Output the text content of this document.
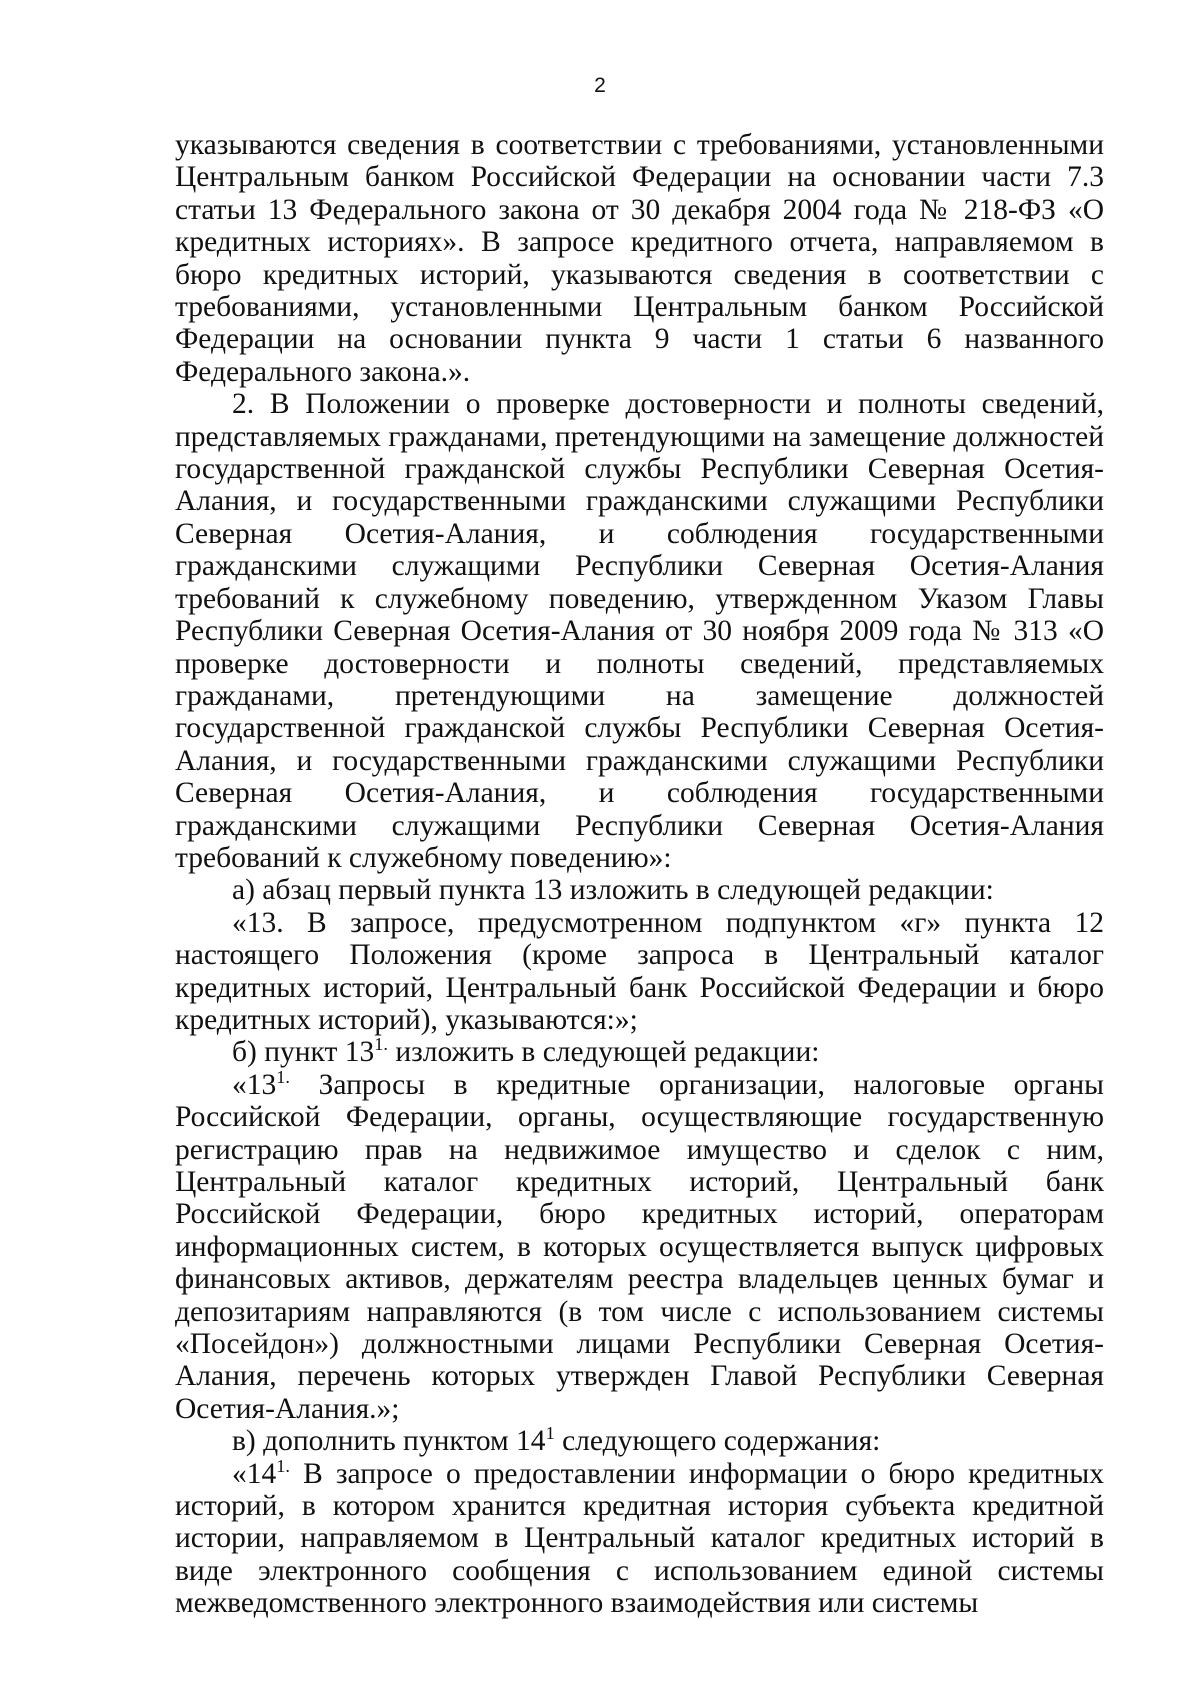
2

указываются сведения в соответствии с требованиями, установленными Центральным банком Российской Федерации на основании части 7.3 статьи 13 Федерального закона от 30 декабря 2004 года № 218-ФЗ «О кредитных историях». В запросе кредитного отчета, направляемом в бюро кредитных историй, указываются сведения в соответствии с требованиями, установленными Центральным банком Российской Федерации на основании пункта 9 части 1 статьи 6 названного Федерального закона.».

2. В Положении о проверке достоверности и полноты сведений, представляемых гражданами, претендующими на замещение должностей государственной гражданской службы Республики Северная Осетия-Алания, и государственными гражданскими служащими Республики Северная Осетия-Алания, и соблюдения государственными гражданскими служащими Республики Северная Осетия-Алания требований к служебному поведению, утвержденном Указом Главы Республики Северная Осетия-Алания от 30 ноября 2009 года № 313 «О проверке достоверности и полноты сведений, представляемых гражданами, претендующими на замещение должностей государственной гражданской службы Республики Северная Осетия-Алания, и государственными гражданскими служащими Республики Северная Осетия-Алания, и соблюдения государственными гражданскими служащими Республики Северная Осетия-Алания требований к служебному поведению»:

а) абзац первый пункта 13 изложить в следующей редакции:

«13. В запросе, предусмотренном подпунктом «г» пункта 12 настоящего Положения (кроме запроса в Центральный каталог кредитных историй, Центральный банк Российской Федерации и бюро кредитных историй), указываются:»;

б) пункт $13^{1.}$ изложить в следующей редакции:

«$13^{1.}$ Запросы в кредитные организации, налоговые органы Российской Федерации, органы, осуществляющие государственную регистрацию прав на недвижимое имущество и сделок с ним, Центральный каталог кредитных историй, Центральный банк Российской Федерации, бюро кредитных историй, операторам информационных систем, в которых осуществляется выпуск цифровых финансовых активов, держателям реестра владельцев ценных бумаг и депозитариям направляются (в том числе с использованием системы «Посейдон») должностными лицами Республики Северная Осетия-Алания, перечень которых утвержден Главой Республики Северная Осетия-Алания.»;

в) дополнить пунктом $14^1$ следующего содержания:

«$14^{1.}$ В запросе о предоставлении информации о бюро кредитных историй, в котором хранится кредитная история субъекта кредитной истории, направляемом в Центральный каталог кредитных историй в виде электронного сообщения с использованием единой системы межведомственного электронного взаимодействия или системы
